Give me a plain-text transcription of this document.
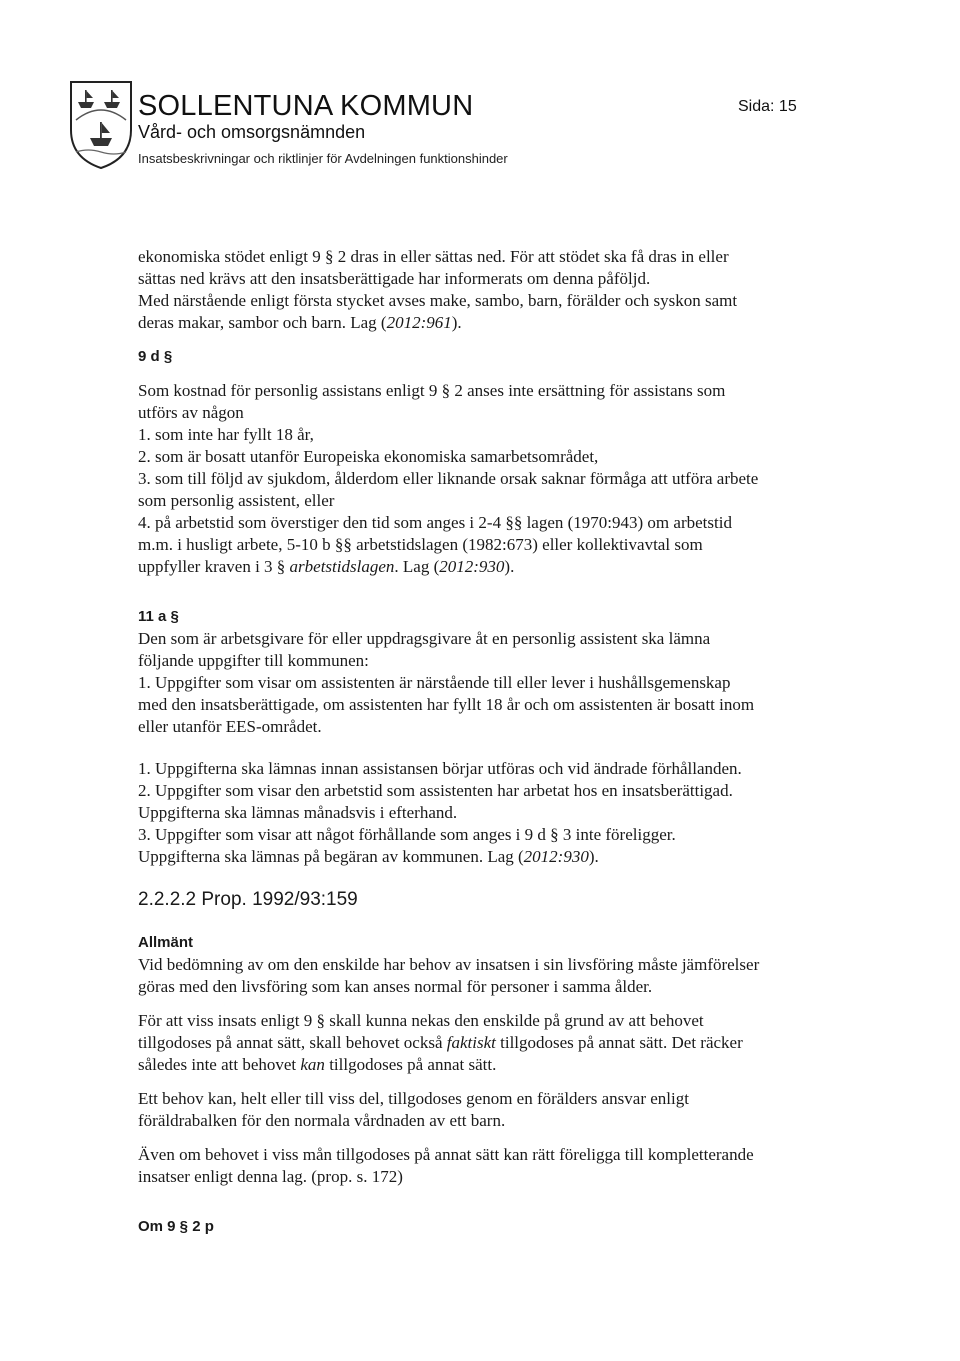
SOLLENTUNA KOMMUN
Vård- och omsorgsnämnden
Insatsbeskrivningar och riktlinjer för Avdelningen funktionshinder
Sida: 15

ekonomiska stödet enligt 9 § 2 dras in eller sättas ned. För att stödet ska få dras in eller

sättas ned krävs att den insatsberättigade har informerats om denna påföljd.

Med närstående enligt första stycket avses make, sambo, barn, förälder och syskon samt

deras makar, sambor och barn. Lag (2012:961).

9 d §

Som kostnad för personlig assistans enligt 9 § 2 anses inte ersättning för assistans som

utförs av någon

1. som inte har fyllt 18 år,

2. som är bosatt utanför Europeiska ekonomiska samarbetsområdet,

3. som till följd av sjukdom, ålderdom eller liknande orsak saknar förmåga att utföra arbete

som personlig assistent, eller

4. på arbetstid som överstiger den tid som anges i 2-4 §§ lagen (1970:943) om arbetstid

m.m. i husligt arbete, 5-10 b §§ arbetstidslagen (1982:673) eller kollektivavtal som

uppfyller kraven i 3 § arbetstidslagen. Lag (2012:930).

11 a §

Den som är arbetsgivare för eller uppdragsgivare åt en personlig assistent ska lämna

följande uppgifter till kommunen:

1. Uppgifter som visar om assistenten är närstående till eller lever i hushållsgemenskap

med den insatsberättigade, om assistenten har fyllt 18 år och om assistenten är bosatt inom

eller utanför EES-området.

1. Uppgifterna ska lämnas innan assistansen börjar utföras och vid ändrade förhållanden.

2. Uppgifter som visar den arbetstid som assistenten har arbetat hos en insatsberättigad.

Uppgifterna ska lämnas månadsvis i efterhand.

3. Uppgifter som visar att något förhållande som anges i 9 d § 3 inte föreligger.

Uppgifterna ska lämnas på begäran av kommunen. Lag (2012:930).

2.2.2.2 Prop. 1992/93:159

Allmänt

Vid bedömning av om den enskilde har behov av insatsen i sin livsföring måste jämförelser

göras med den livsföring som kan anses normal för personer i samma ålder.

För att viss insats enligt 9 § skall kunna nekas den enskilde på grund av att behovet

tillgodoses på annat sätt, skall behovet också faktiskt tillgodoses på annat sätt. Det räcker

således inte att behovet kan tillgodoses på annat sätt.

Ett behov kan, helt eller till viss del, tillgodoses genom en förälders ansvar enligt

föräldrabalken för den normala vårdnaden av ett barn.

Även om behovet i viss mån tillgodoses på annat sätt kan rätt föreligga till kompletterande

insatser enligt denna lag. (prop. s. 172)

Om 9 § 2 p
